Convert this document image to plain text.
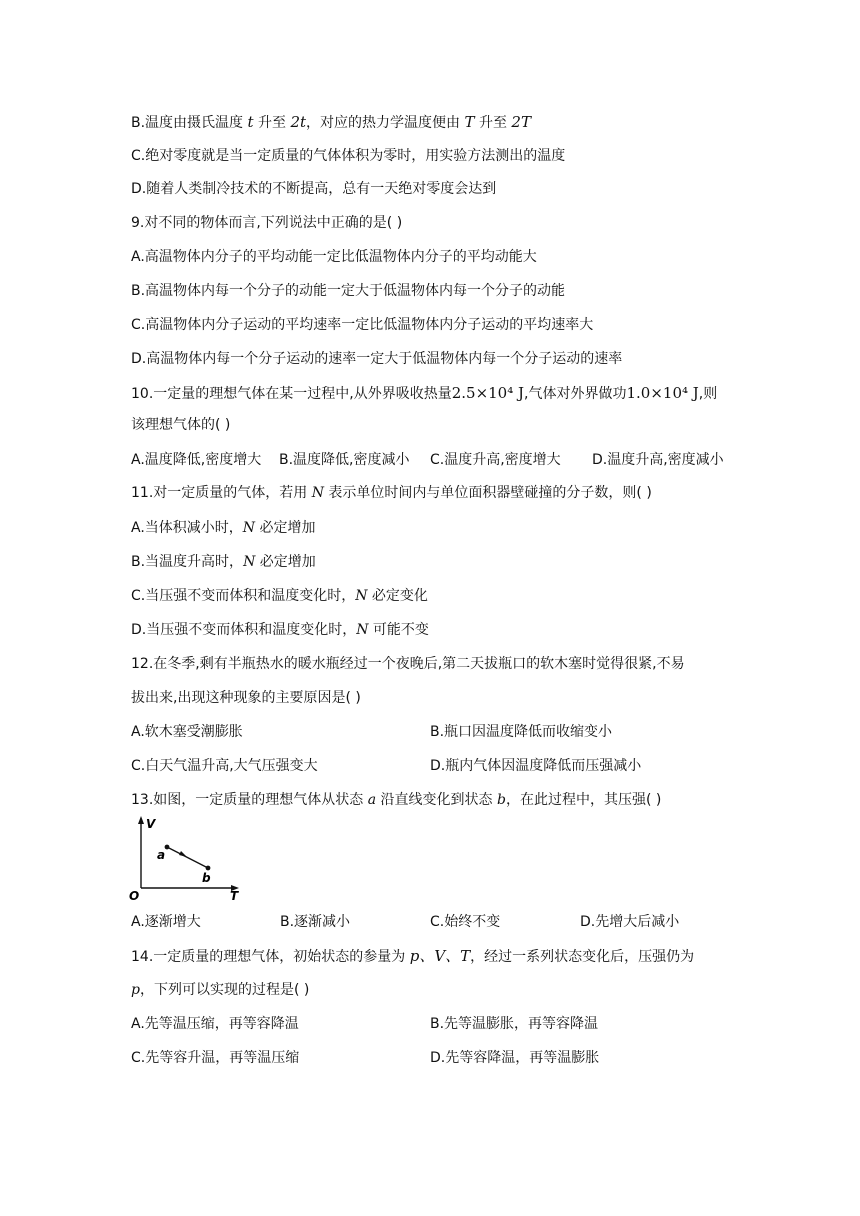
B.温度由摄氏温度 t 升至 2t，对应的热力学温度便由 T 升至 2T
C.绝对零度就是当一定质量的气体体积为零时，用实验方法测出的温度
D.随着人类制冷技术的不断提高，总有一天绝对零度会达到
9.对不同的物体而言,下列说法中正确的是( )
A.高温物体内分子的平均动能一定比低温物体内分子的平均动能大
B.高温物体内每一个分子的动能一定大于低温物体内每一个分子的动能
C.高温物体内分子运动的平均速率一定比低温物体内分子运动的平均速率大
D.高温物体内每一个分子运动的速率一定大于低温物体内每一个分子运动的速率
10.一定量的理想气体在某一过程中,从外界吸收热量2.5×10⁴ J,气体对外界做功1.0×10⁴ J,则
该理想气体的( )
A.温度降低,密度增大 B.温度降低,密度减小 C.温度升高,密度增大 D.温度升高,密度减小
11.对一定质量的气体，若用 N 表示单位时间内与单位面积器壁碰撞的分子数，则( )
A.当体积减小时，N 必定增加
B.当温度升高时，N 必定增加
C.当压强不变而体积和温度变化时，N 必定变化
D.当压强不变而体积和温度变化时，N 可能不变
12.在冬季,剩有半瓶热水的暖水瓶经过一个夜晚后,第二天拔瓶口的软木塞时觉得很紧,不易
拔出来,出现这种现象的主要原因是( )
A.软木塞受潮膨胀	B.瓶口因温度降低而收缩变小
C.白天气温升高,大气压强变大	D.瓶内气体因温度降低而压强减小
13.如图，一定质量的理想气体从状态 a 沿直线变化到状态 b，在此过程中，其压强( )
V
T
O
a
b
A.逐渐增大	B.逐渐减小	C.始终不变	D.先增大后减小
14.一定质量的理想气体，初始状态的参量为 p、V、T，经过一系列状态变化后，压强仍为
p，下列可以实现的过程是( )
A.先等温压缩，再等容降温	B.先等温膨胀，再等容降温
C.先等容升温，再等温压缩	D.先等容降温，再等温膨胀
